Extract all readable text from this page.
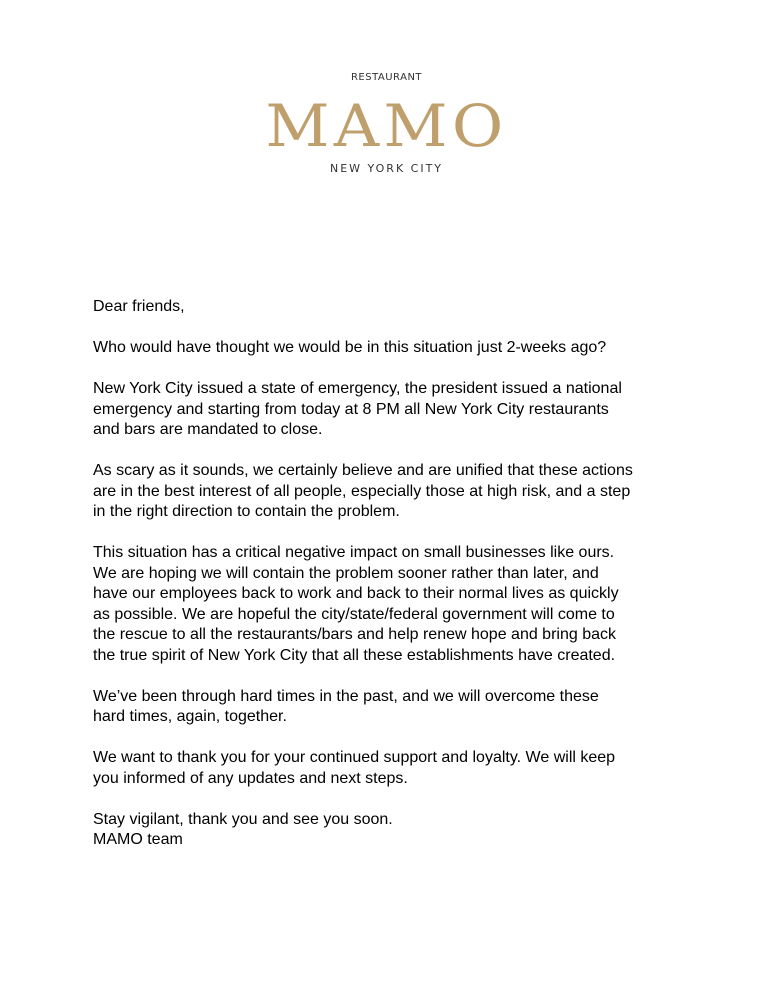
RESTAURANT
MAMO
NEW YORK CITY

Dear friends,

Who would have thought we would be in this situation just 2-weeks ago?

New York City issued a state of emergency, the president issued a national
emergency and starting from today at 8 PM all New York City restaurants
and bars are mandated to close.

As scary as it sounds, we certainly believe and are unified that these actions
are in the best interest of all people, especially those at high risk, and a step
in the right direction to contain the problem.

This situation has a critical negative impact on small businesses like ours.
We are hoping we will contain the problem sooner rather than later, and
have our employees back to work and back to their normal lives as quickly
as possible. We are hopeful the city/state/federal government will come to
the rescue to all the restaurants/bars and help renew hope and bring back
the true spirit of New York City that all these establishments have created.

We’ve been through hard times in the past, and we will overcome these
hard times, again, together.

We want to thank you for your continued support and loyalty. We will keep
you informed of any updates and next steps.

Stay vigilant, thank you and see you soon.

MAMO team
